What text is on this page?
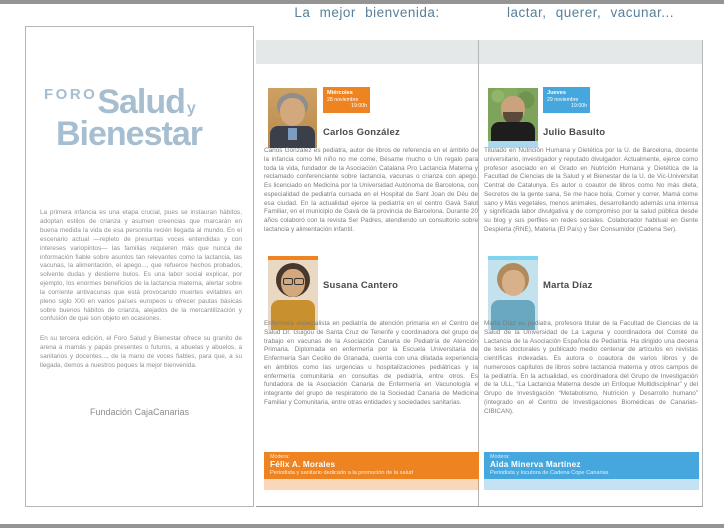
FOROSalud y
Bienestar

La primera infancia es una etapa crucial, pues se instauran hábitos, adoptan estilos de crianza y asumen creencias que marcarán en buena medida la vida de esa personita recién llegada al mundo. En el escenario actual —repleto de presuntas voces entendidas y con intereses variopintos— las familias requieren más que nunca de información fiable sobre asuntos tan relevantes como la lactancia, las vacunas, la alimentación, el apego..., que refuerce hechos probados, solvente dudas y destierre bulos. Es una labor social explicar, por ejemplo, los enormes beneficios de la lactancia materna, alertar sobre la corriente antivacunas que está provocando muertes evitables en pleno siglo XXI en varios países europeos u ofrecer pautas básicas sobre buenos hábitos de crianza, alejados de la mercantilización y confusión de que son objeto en ocasiones.

En su tercera edición, el Foro Salud y Bienestar ofrece su granito de arena a mamás y papás presentes o futuros, a abuelas y abuelos, a sanitarios y docentes..., de la mano de voces fiables, para que, a su llegada, demos a nuestros peques la mejor bienvenida.

Fundación CajaCanarias
La mejor bienvenida:	lactar, querer, vacunar...
Miércoles
28 noviembre
19:00h
Carlos González

Carlos González es pediatra, autor de libros de referencia en el ámbito de la infancia como Mi niño no me come, Bésame mucho o Un regalo para toda la vida, fundador de la Asociación Catalana Pro Lactancia Materna y reclamado conferenciante sobre lactancia, vacunas o crianza con apego. Es licenciado en Medicina por la Universidad Autónoma de Barcelona, con especialidad de pediatría cursada en el Hospital de Sant Joan de Déu de esa ciudad. En la actualidad ejerce la pediatría en el centro Gavà Salut Familiar, en el municipio de Gavà de la provincia de Barcelona. Durante 20 años colaboró con la revista Ser Padres, atendiendo un consultorio sobre lactancia y alimentación infantil.

Susana Cantero

Enfermera especialista en pediatría de atención primaria en el Centro de Salud Dr. Guigou de Santa Cruz de Tenerife y coordinadora del grupo de trabajo en vacunas de la Asociación Canaria de Pediatría de Atención Primaria. Diplomada en enfermería por la Escuela Universitaria de Enfermería San Cecilio de Granada, cuenta con una dilatada experiencia en ámbitos como las urgencias u hospitalizaciones pediátricas y la enfermería comunitaria en consultas de pediatría, entre otros. Es fundadora de la Asociación Canaria de Enfermería en Vacunología e integrante del grupo de respiratorio de la Sociedad Canaria de Medicina Familiar y Comunitaria, entre otras entidades y sociedades sanitarias.

Modera:
Félix A. Morales
Periodista y sanitario dedicado a la promoción de la salud
Jueves
29 noviembre
19:00h
Julio Basulto

Titulado en Nutrición Humana y Dietética por la U. de Barcelona, docente universitario, investigador y reputado divulgador. Actualmente, ejerce como profesor asociado en el Grado en Nutrición Humana y Dietética de la Facultad de Ciencias de la Salud y el Bienestar de la U. de Vic-Universitat Central de Catalunya. Es autor o coautor de libros como No más dieta, Secretos de la gente sana, Se me hace bola, Comer y correr, Mamá come sano y Más vegetales, menos animales, desarrollando además una intensa y significada labor divulgativa y de compromiso por la salud pública desde su blog y sus perfiles en redes sociales. Colaborador habitual en Gente Despierta (RNE), Materia (El País) y Ser Consumidor (Cadena Ser).

Marta Díaz

Marta Díaz es pediatra, profesora titular de la Facultad de Ciencias de la Salud de la Universidad de La Laguna y coordinadora del Comité de Lactancia de la Asociación Española de Pediatría. Ha dirigido una decena de tesis doctorales y publicado medio centenar de artículos en revistas científicas indexadas. Es autora o coautora de varios libros y de numerosos capítulos de libros sobre lactancia materna y otros campos de la pediatría. En la actualidad, es coordinadora del Grupo de Investigación de la ULL, “La Lactancia Materna desde un Enfoque Multidisciplinar” y del Grupo de Investigación “Metabolismo, Nutrición y Desarrollo humano” (integrado en el Centro de Investigaciones Biomédicas de Canarias-CIBICAN).

Modera:
Aida Minerva Martínez
Periodista y locutora de Cadena Cope Canarias
